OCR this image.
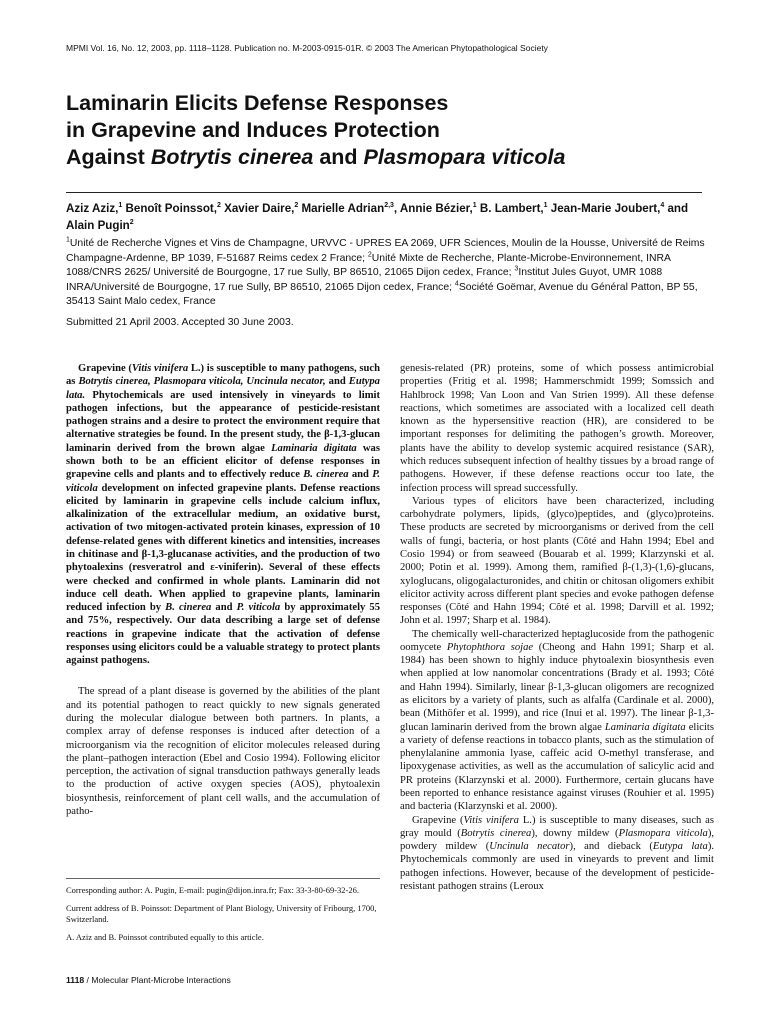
MPMI Vol. 16, No. 12, 2003, pp. 1118–1128. Publication no. M-2003-0915-01R. © 2003 The American Phytopathological Society
Laminarin Elicits Defense Responses
in Grapevine and Induces Protection
Against Botrytis cinerea and Plasmopara viticola
Aziz Aziz,$^1$ Benoît Poinssot,$^2$ Xavier Daire,$^2$ Marielle Adrian$^{2,3}$, Annie Bézier,$^1$ B. Lambert,$^1$ Jean-Marie Joubert,$^4$ and Alain Pugin$^2$
$^1$Unité de Recherche Vignes et Vins de Champagne, URVVC - UPRES EA 2069, UFR Sciences, Moulin de la Housse, Université de Reims Champagne-Ardenne, BP 1039, F-51687 Reims cedex 2 France; $^2$Unité Mixte de Recherche, Plante-Microbe-Environnement, INRA 1088/CNRS 2625/ Université de Bourgogne, 17 rue Sully, BP 86510, 21065 Dijon cedex, France; $^3$Institut Jules Guyot, UMR 1088 INRA/Université de Bourgogne, 17 rue Sully, BP 86510, 21065 Dijon cedex, France; $^4$Société Goëmar, Avenue du Général Patton, BP 55, 35413 Saint Malo cedex, France
Submitted 21 April 2003. Accepted 30 June 2003.

Grapevine (Vitis vinifera L.) is susceptible to many pathogens, such as Botrytis cinerea, Plasmopara viticola, Uncinula necator, and Eutypa lata. Phytochemicals are used intensively in vineyards to limit pathogen infections, but the appearance of pesticide-resistant pathogen strains and a desire to protect the environment require that alternative strategies be found. In the present study, the β-1,3-glucan laminarin derived from the brown algae Laminaria digitata was shown both to be an efficient elicitor of defense responses in grapevine cells and plants and to effectively reduce B. cinerea and P. viticola development on infected grapevine plants. Defense reactions elicited by laminarin in grapevine cells include calcium influx, alkalinization of the extracellular medium, an oxidative burst, activation of two mitogen-activated protein kinases, expression of 10 defense-related genes with different kinetics and intensities, increases in chitinase and β-1,3-glucanase activities, and the production of two phytoalexins (resveratrol and ε-viniferin). Several of these effects were checked and confirmed in whole plants. Laminarin did not induce cell death. When applied to grapevine plants, laminarin reduced infection by B. cinerea and P. viticola by approximately 55 and 75%, respectively. Our data describing a large set of defense reactions in grapevine indicate that the activation of defense responses using elicitors could be a valuable strategy to protect plants against pathogens.

The spread of a plant disease is governed by the abilities of the plant and its potential pathogen to react quickly to new signals generated during the molecular dialogue between both partners. In plants, a complex array of defense responses is induced after detection of a microorganism via the recognition of elicitor molecules released during the plant–pathogen interaction (Ebel and Cosio 1994). Following elicitor perception, the activation of signal transduction pathways generally leads to the production of active oxygen species (AOS), phytoalexin biosynthesis, reinforcement of plant cell walls, and the accumulation of patho-

genesis-related (PR) proteins, some of which possess antimicrobial properties (Fritig et al. 1998; Hammerschmidt 1999; Somssich and Hahlbrock 1998; Van Loon and Van Strien 1999). All these defense reactions, which sometimes are associated with a localized cell death known as the hypersensitive reaction (HR), are considered to be important responses for delimiting the pathogen’s growth. Moreover, plants have the ability to develop systemic acquired resistance (SAR), which reduces subsequent infection of healthy tissues by a broad range of pathogens. However, if these defense reactions occur too late, the infection process will spread successfully.

Various types of elicitors have been characterized, including carbohydrate polymers, lipids, (glyco)peptides, and (glyco)proteins. These products are secreted by microorganisms or derived from the cell walls of fungi, bacteria, or host plants (Côté and Hahn 1994; Ebel and Cosio 1994) or from seaweed (Bouarab et al. 1999; Klarzynski et al. 2000; Potin et al. 1999). Among them, ramified β-(1,3)-(1,6)-glucans, xyloglucans, oligogalacturonides, and chitin or chitosan oligomers exhibit elicitor activity across different plant species and evoke pathogen defense responses (Côté and Hahn 1994; Côté et al. 1998; Darvill et al. 1992; John et al. 1997; Sharp et al. 1984).

The chemically well-characterized heptaglucoside from the pathogenic oomycete Phytophthora sojae (Cheong and Hahn 1991; Sharp et al. 1984) has been shown to highly induce phytoalexin biosynthesis even when applied at low nanomolar concentrations (Brady et al. 1993; Côté and Hahn 1994). Similarly, linear β-1,3-glucan oligomers are recognized as elicitors by a variety of plants, such as alfalfa (Cardinale et al. 2000), bean (Mithöfer et al. 1999), and rice (Inui et al. 1997). The linear β-1,3-glucan laminarin derived from the brown algae Laminaria digitata elicits a variety of defense reactions in tobacco plants, such as the stimulation of phenylalanine ammonia lyase, caffeic acid O-methyl transferase, and lipoxygenase activities, as well as the accumulation of salicylic acid and PR proteins (Klarzynski et al. 2000). Furthermore, certain glucans have been reported to enhance resistance against viruses (Rouhier et al. 1995) and bacteria (Klarzynski et al. 2000).

Grapevine (Vitis vinifera L.) is susceptible to many diseases, such as gray mould (Botrytis cinerea), downy mildew (Plasmopara viticola), powdery mildew (Uncinula necator), and dieback (Eutypa lata). Phytochemicals commonly are used in vineyards to prevent and limit pathogen infections. However, because of the development of pesticide-resistant pathogen strains (Leroux

Corresponding author: A. Pugin, E-mail: pugin@dijon.inra.fr; Fax: 33-3-80-69-32-26.

Current address of B. Poinssot: Department of Plant Biology, University of Fribourg, 1700, Switzerland.

A. Aziz and B. Poinssot contributed equally to this article.

1118 / Molecular Plant-Microbe Interactions
